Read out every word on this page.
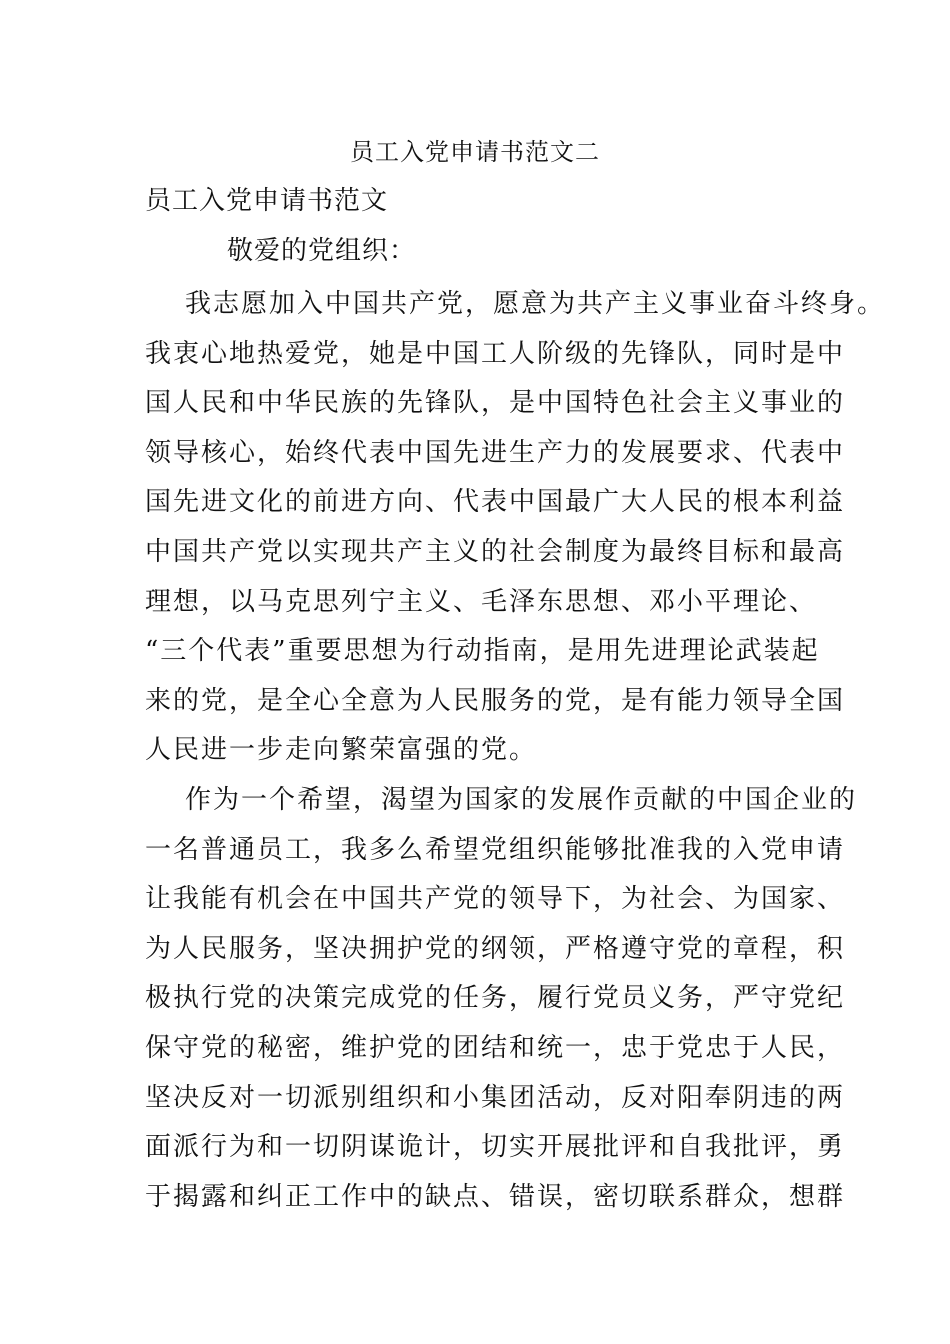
员工入党申请书范文二
员工入党申请书范文
敬爱的党组织：
我志愿加入中国共产党，愿意为共产主义事业奋斗终身。
我衷心地热爱党，她是中国工人阶级的先锋队，同时是中
国人民和中华民族的先锋队，是中国特色社会主义事业的
领导核心，始终代表中国先进生产力的发展要求、代表中
国先进文化的前进方向、代表中国最广大人民的根本利益
中国共产党以实现共产主义的社会制度为最终目标和最高
理想，以马克思列宁主义、毛泽东思想、邓小平理论、
“三个代表”重要思想为行动指南，是用先进理论武装起
来的党，是全心全意为人民服务的党，是有能力领导全国
人民进一步走向繁荣富强的党。
作为一个希望，渴望为国家的发展作贡献的中国企业的
一名普通员工，我多么希望党组织能够批准我的入党申请
让我能有机会在中国共产党的领导下，为社会、为国家、
为人民服务，坚决拥护党的纲领，严格遵守党的章程，积
极执行党的决策完成党的任务，履行党员义务，严守党纪
保守党的秘密，维护党的团结和统一，忠于党忠于人民，
坚决反对一切派别组织和小集团活动，反对阳奉阴违的两
面派行为和一切阴谋诡计，切实开展批评和自我批评，勇
于揭露和纠正工作中的缺点、错误，密切联系群众，想群
